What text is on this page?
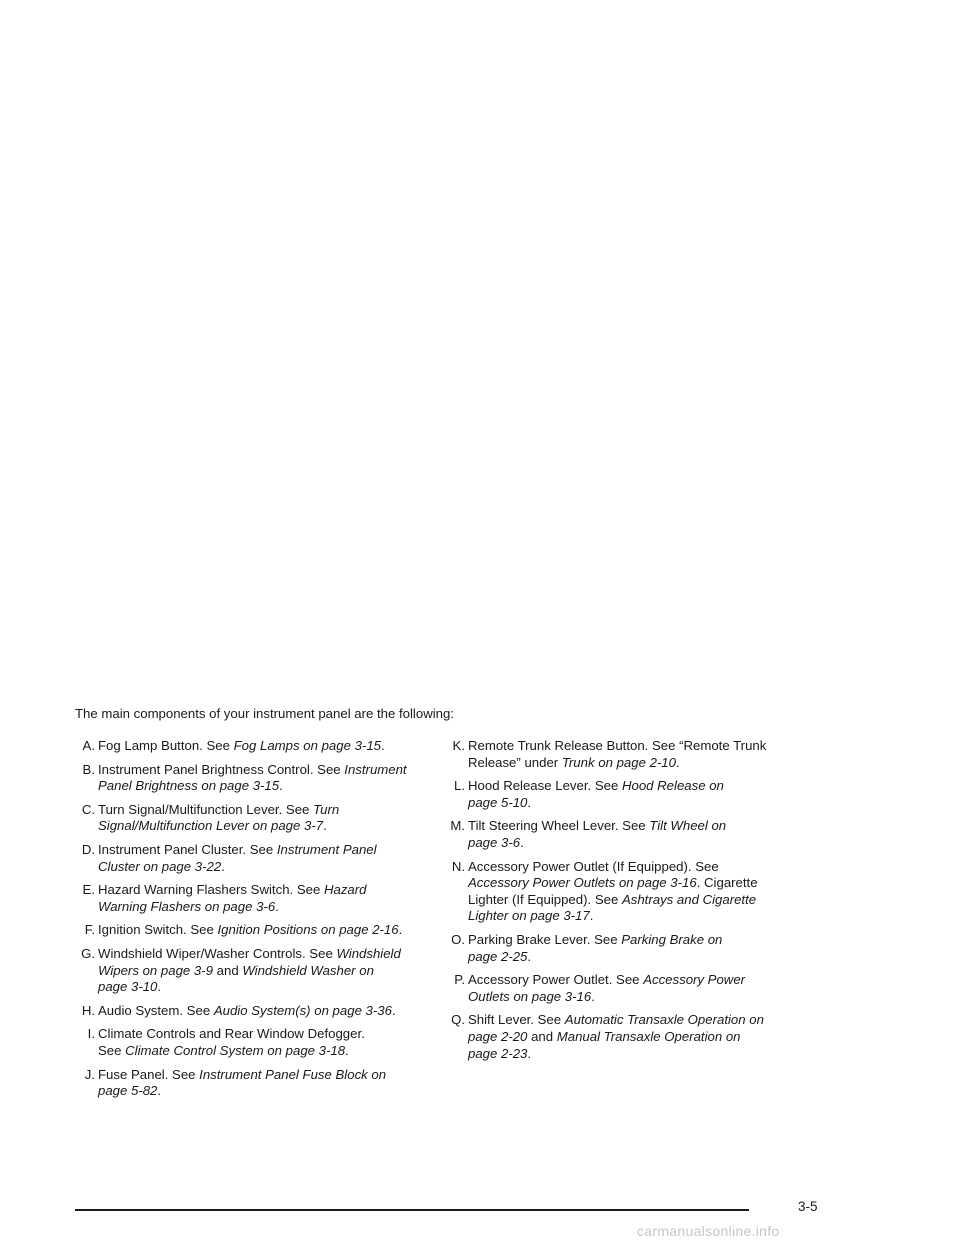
The main components of your instrument panel are the following:

A. Fog Lamp Button. See Fog Lamps on page 3-15.
B. Instrument Panel Brightness Control. See Instrument
Panel Brightness on page 3-15.
C. Turn Signal/Multifunction Lever. See Turn
Signal/Multifunction Lever on page 3-7.
D. Instrument Panel Cluster. See Instrument Panel
Cluster on page 3-22.
E. Hazard Warning Flashers Switch. See Hazard
Warning Flashers on page 3-6.
F. Ignition Switch. See Ignition Positions on page 2-16.
G. Windshield Wiper/Washer Controls. See Windshield
Wipers on page 3-9 and Windshield Washer on
page 3-10.
H. Audio System. See Audio System(s) on page 3-36.
I. Climate Controls and Rear Window Defogger.
See Climate Control System on page 3-18.
J. Fuse Panel. See Instrument Panel Fuse Block on
page 5-82.
K. Remote Trunk Release Button. See “Remote Trunk
Release” under Trunk on page 2-10.
L. Hood Release Lever. See Hood Release on
page 5-10.
M. Tilt Steering Wheel Lever. See Tilt Wheel on
page 3-6.
N. Accessory Power Outlet (If Equipped). See
Accessory Power Outlets on page 3-16. Cigarette
Lighter (If Equipped). See Ashtrays and Cigarette
Lighter on page 3-17.
O. Parking Brake Lever. See Parking Brake on
page 2-25.
P. Accessory Power Outlet. See Accessory Power
Outlets on page 3-16.
Q. Shift Lever. See Automatic Transaxle Operation on
page 2-20 and Manual Transaxle Operation on
page 2-23.
3-5
carmanualsonline.info
